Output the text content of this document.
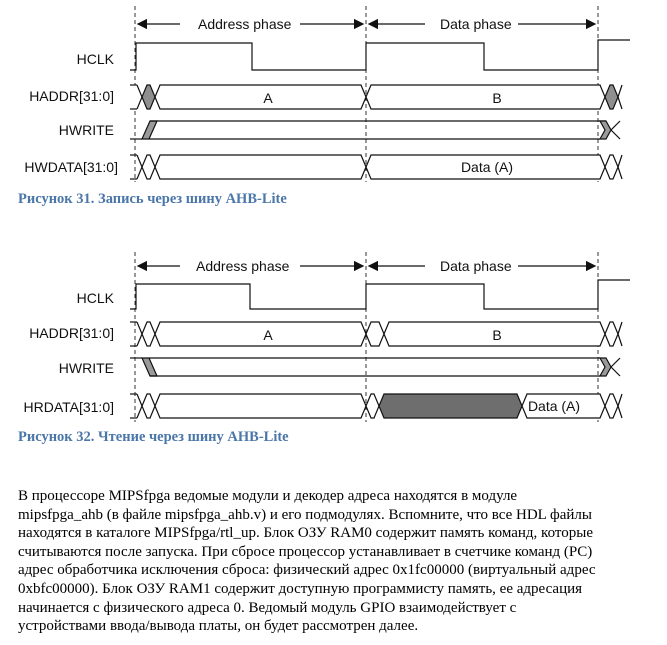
Address phase	Data phase
HCLK
HADDR[31:0]
HWRITE
HWDATA[31:0]
A	B
Data (A)
Рисунок 31. Запись через шину AHB-Lite
Address phase	Data phase
HCLK
HADDR[31:0]
HWRITE
HRDATA[31:0]
A	B
Data (A)
Рисунок 32. Чтение через шину AHB-Lite
В процессоре MIPSfpga ведомые модули и декодер адреса находятся в модуле
mipsfpga_ahb (в файле mipsfpga_ahb.v) и его подмодулях. Вспомните, что все HDL файлы
находятся в каталоге MIPSfpga/rtl_up. Блок ОЗУ RAM0 содержит память команд, которые
считываются после запуска. При сбросе процессор устанавливает в счетчике команд (PC)
адрес обработчика исключения сброса: физический адрес 0x1fc00000 (виртуальный адрес
0xbfc00000). Блок ОЗУ RAM1 содержит доступную программисту память, ее адресация
начинается с физического адреса 0. Ведомый модуль GPIO взаимодействует с
устройствами ввода/вывода платы, он будет рассмотрен далее.
